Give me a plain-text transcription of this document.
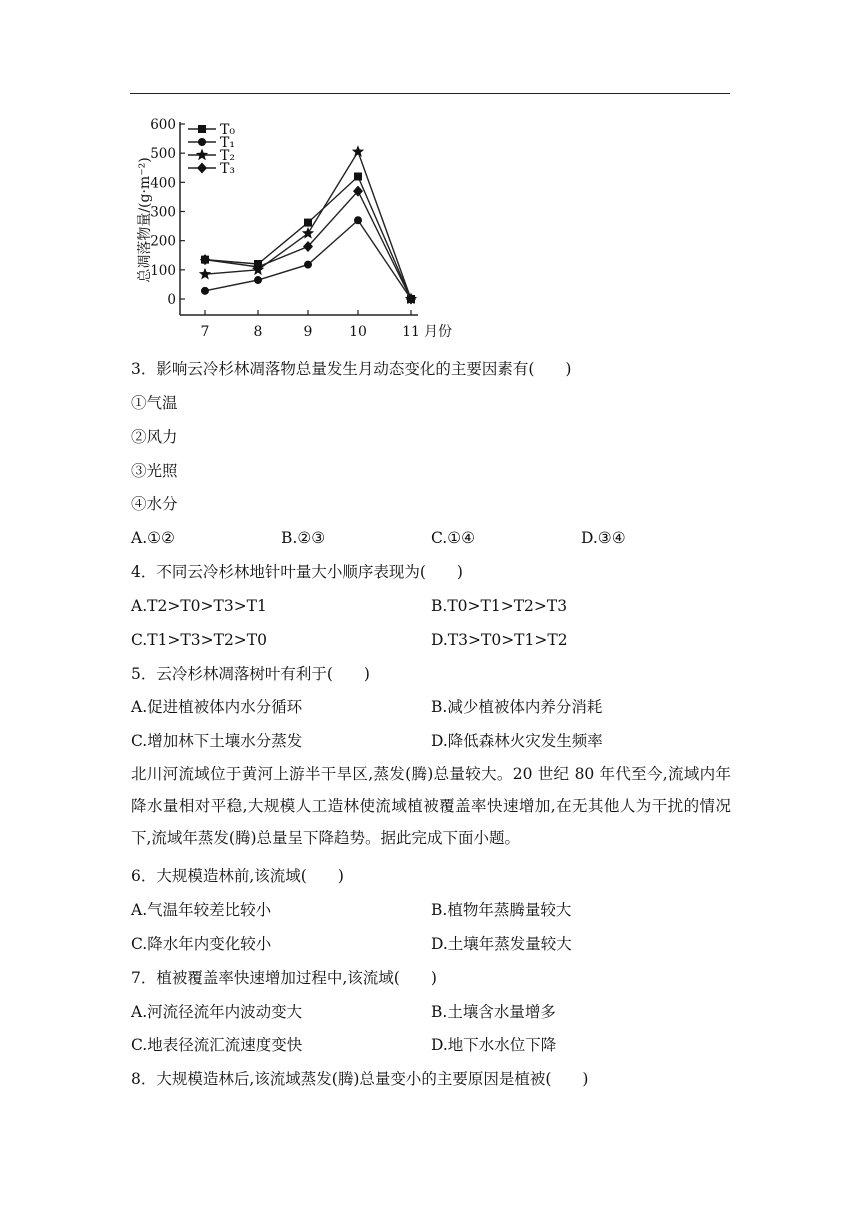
600
500
400
300
200
100
0
7	8	9	10	11 月份
总凋落物量/(g·m⁻²)
T₀
T₁
T₂
T₃
3．影响云冷杉林凋落物总量发生月动态变化的主要因素有(　　)
①气温
②风力
③光照
④水分
A.①②	B.②③	C.①④	D.③④
4．不同云冷杉林地针叶量大小顺序表现为(　　)
A.T2>T0>T3>T1	B.T0>T1>T2>T3
C.T1>T3>T2>T0	D.T3>T0>T1>T2
5．云冷杉林凋落树叶有利于(　　)
A.促进植被体内水分循环	B.减少植被体内养分消耗
C.增加林下土壤水分蒸发	D.降低森林火灾发生频率
北川河流域位于黄河上游半干旱区,蒸发(腾)总量较大。20 世纪 80 年代至今,流域内年降水量相对平稳,大规模人工造林使流域植被覆盖率快速增加,在无其他人为干扰的情况下,流域年蒸发(腾)总量呈下降趋势。据此完成下面小题。
6．大规模造林前,该流域(　　)
A.气温年较差比较小	B.植物年蒸腾量较大
C.降水年内变化较小	D.土壤年蒸发量较大
7．植被覆盖率快速增加过程中,该流域(　　)
A.河流径流年内波动变大	B.土壤含水量增多
C.地表径流汇流速度变快	D.地下水水位下降
8．大规模造林后,该流域蒸发(腾)总量变小的主要原因是植被(　　)
